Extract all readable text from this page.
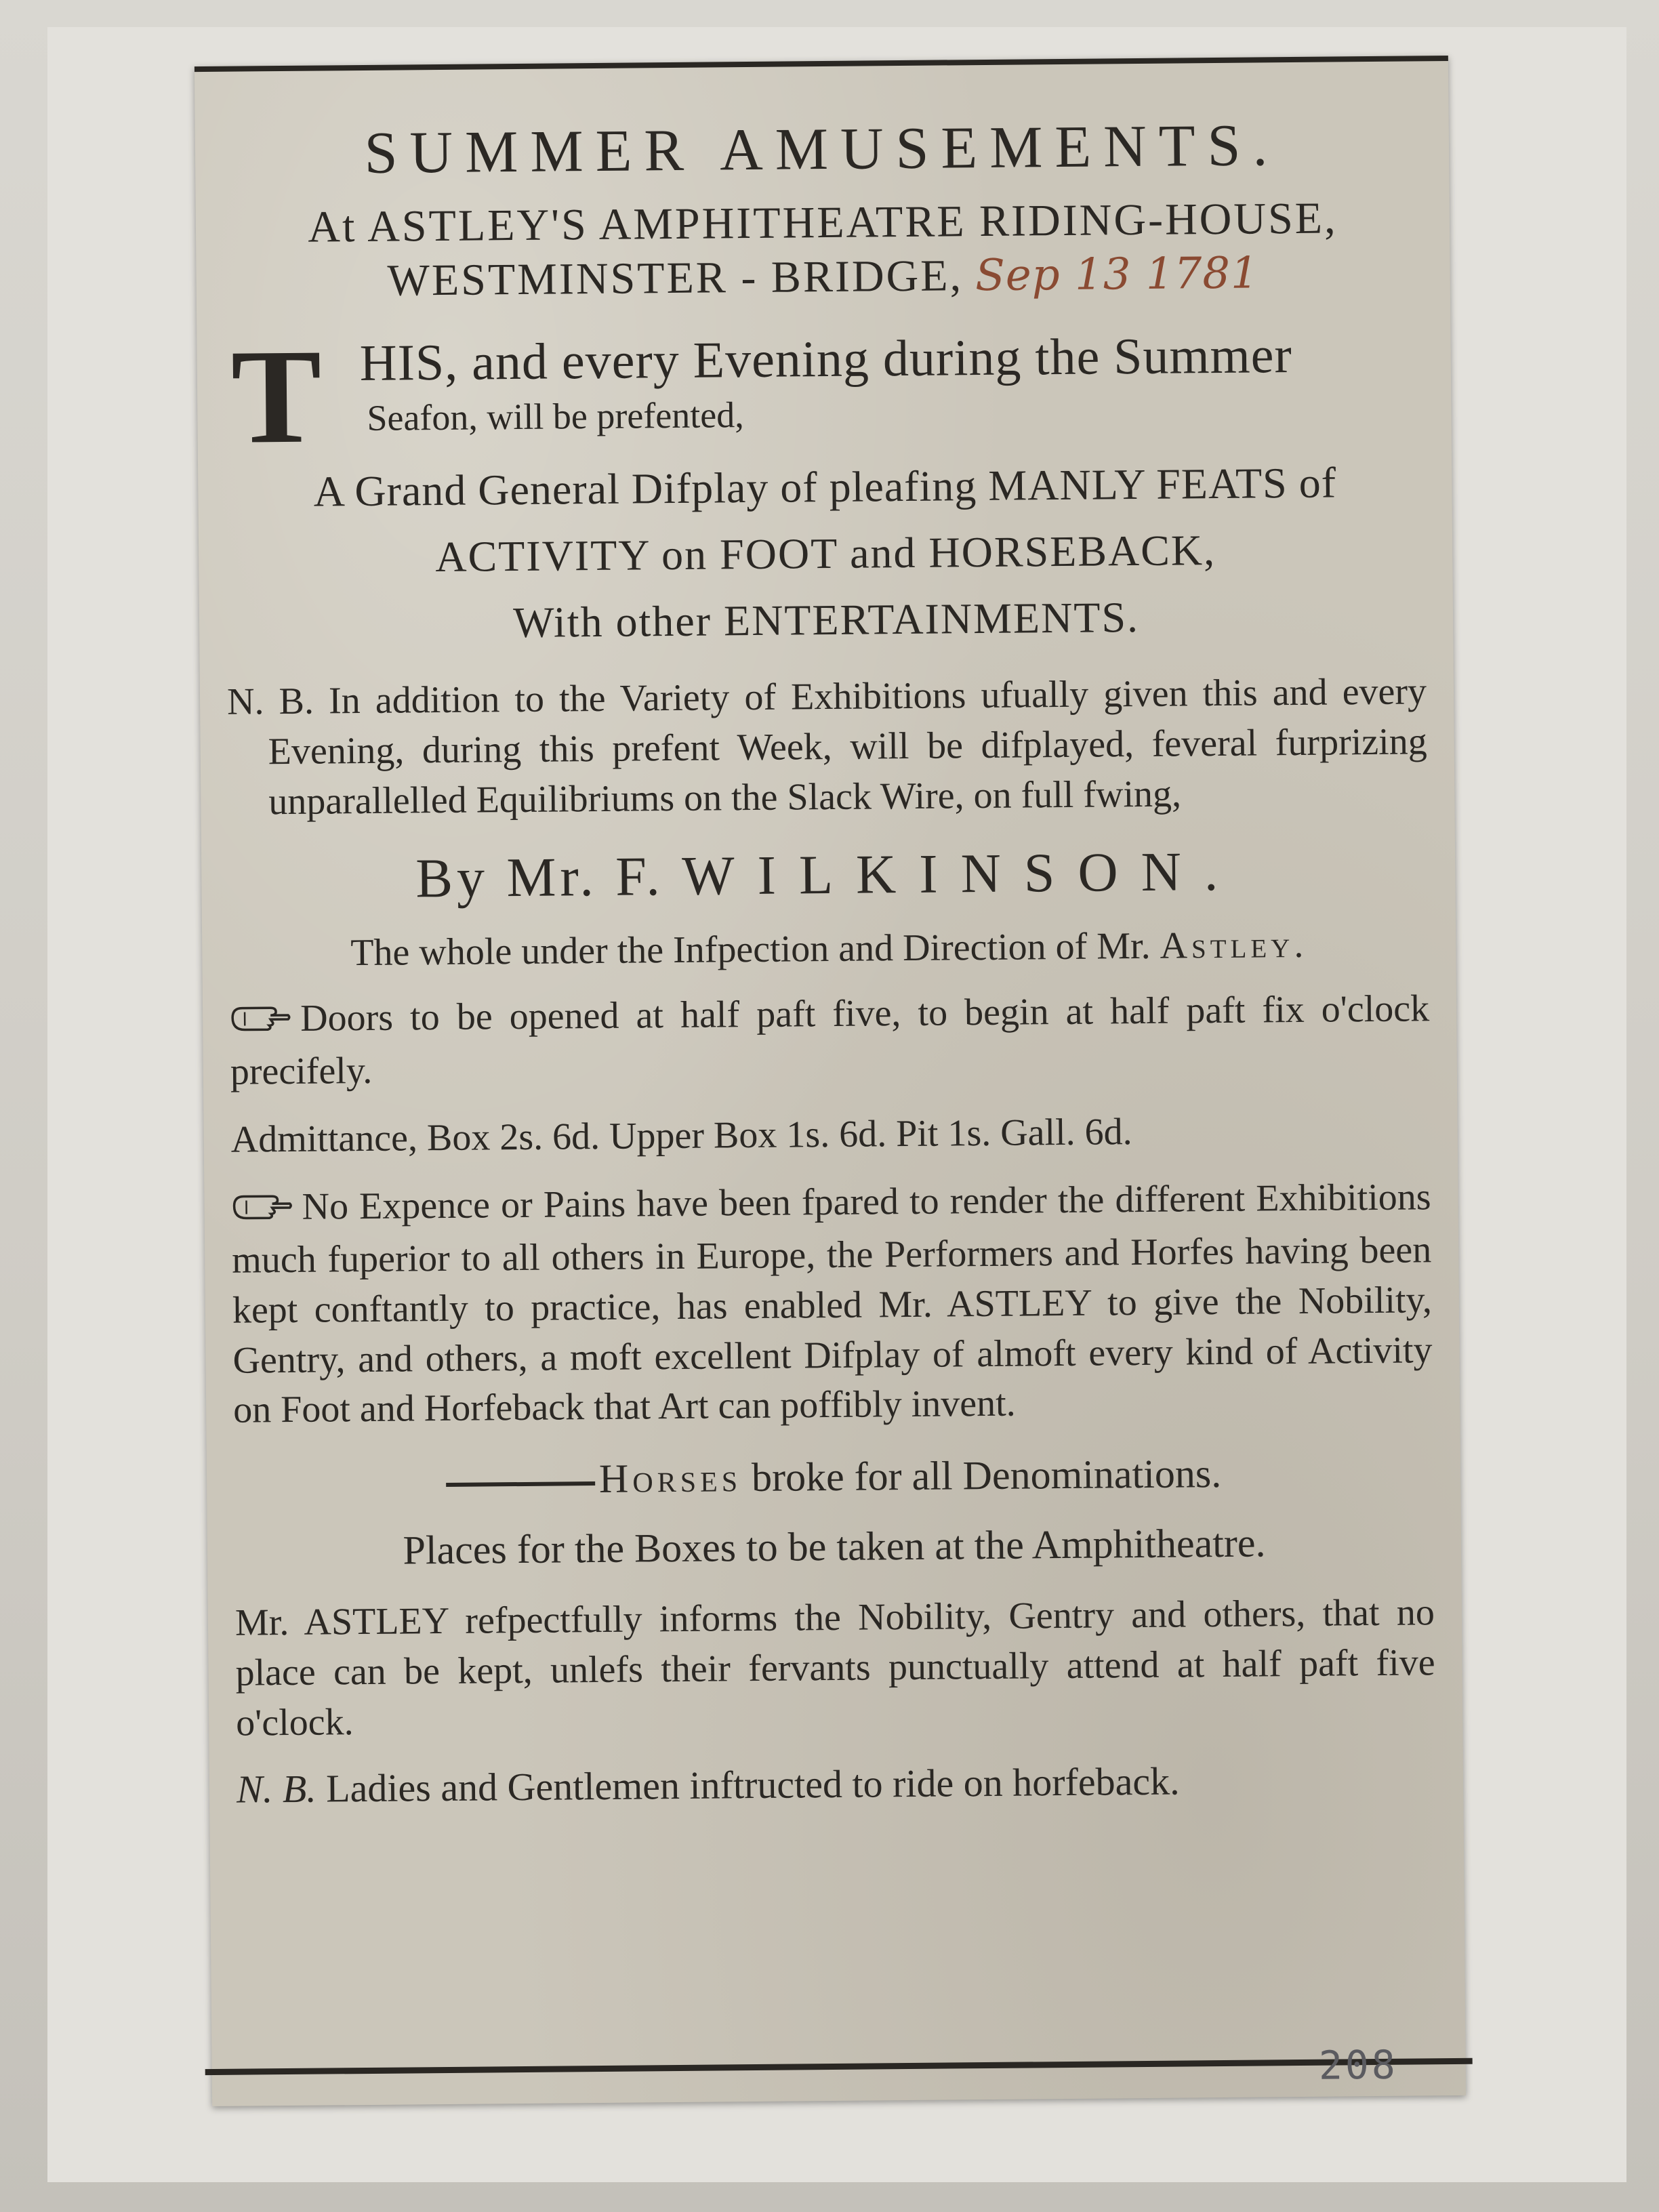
SUMMER AMUSEMENTS.
At ASTLEY'S AMPHITHEATRE RIDING-HOUSE,
WESTMINSTER - BRIDGE, Sep 13 1781
T HIS, and every Evening during the Summer
Seafon, will be prefented,
A Grand General Difplay of pleafing MANLY FEATS of
ACTIVITY on FOOT and HORSEBACK,
With other ENTERTAINMENTS.
N. B. In addition to the Variety of Exhibitions ufually given this and every Evening, during this prefent Week, will be difplayed, feveral furprizing unparallelled Equilibriums on the Slack Wire, on full fwing,
By Mr. F. WILKINSON.
The whole under the Infpection and Direction of Mr. Astley.
Doors to be opened at half paft five, to begin at half paft fix o'clock precifely.
Admittance, Box 2s. 6d. Upper Box 1s. 6d. Pit 1s. Gall. 6d.
No Expence or Pains have been fpared to render the different Exhibitions much fuperior to all others in Europe, the Performers and Horfes having been kept conftantly to practice, has enabled Mr. ASTLEY to give the Nobility, Gentry, and others, a moft excellent Difplay of almoft every kind of Activity on Foot and Horfeback that Art can poffibly invent.
Horses broke for all Denominations.
Places for the Boxes to be taken at the Amphitheatre.
Mr. ASTLEY refpectfully informs the Nobility, Gentry and others, that no place can be kept, unlefs their fervants punctually attend at half paft five o'clock.
N. B. Ladies and Gentlemen inftructed to ride on horfeback.
208
